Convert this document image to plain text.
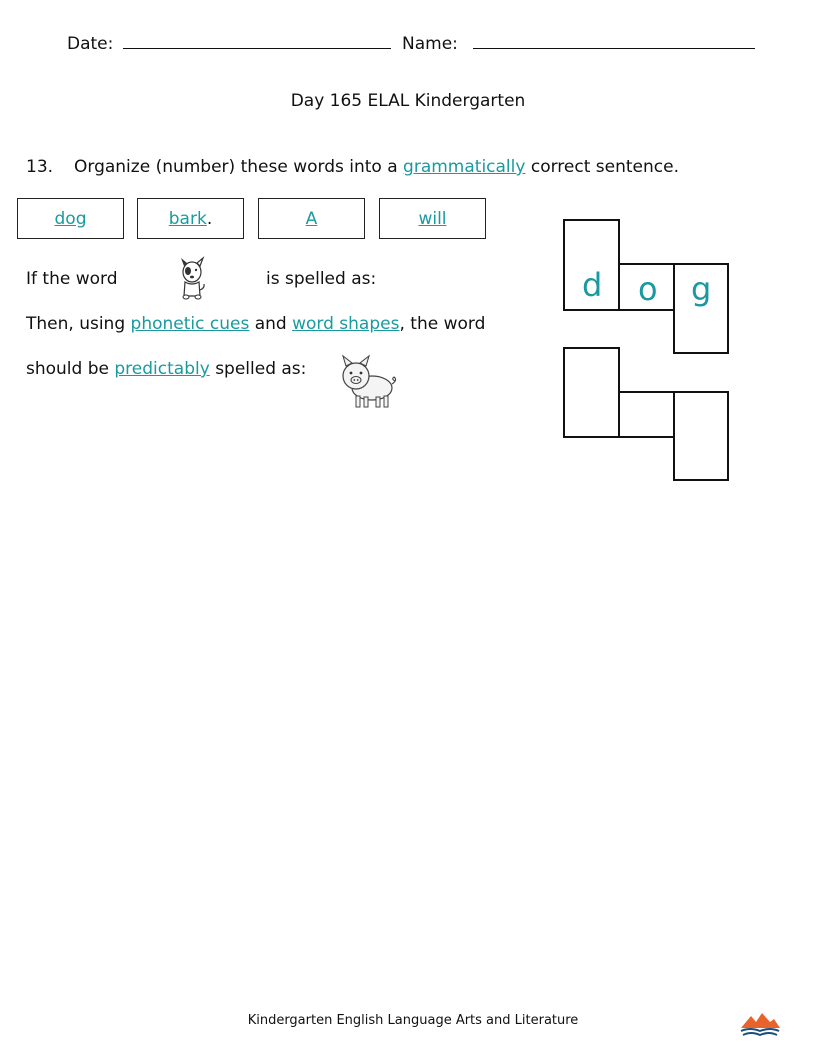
Date:	Name:
Day 165 ELAL Kindergarten
13. Organize (number) these words into a grammatically correct sentence.
dog	bark .	A	will
If the word	is spelled as:
Then, using phonetic cues and word shapes, the word
should be predictably spelled as:
d o g
Kindergarten English Language Arts and Literature
